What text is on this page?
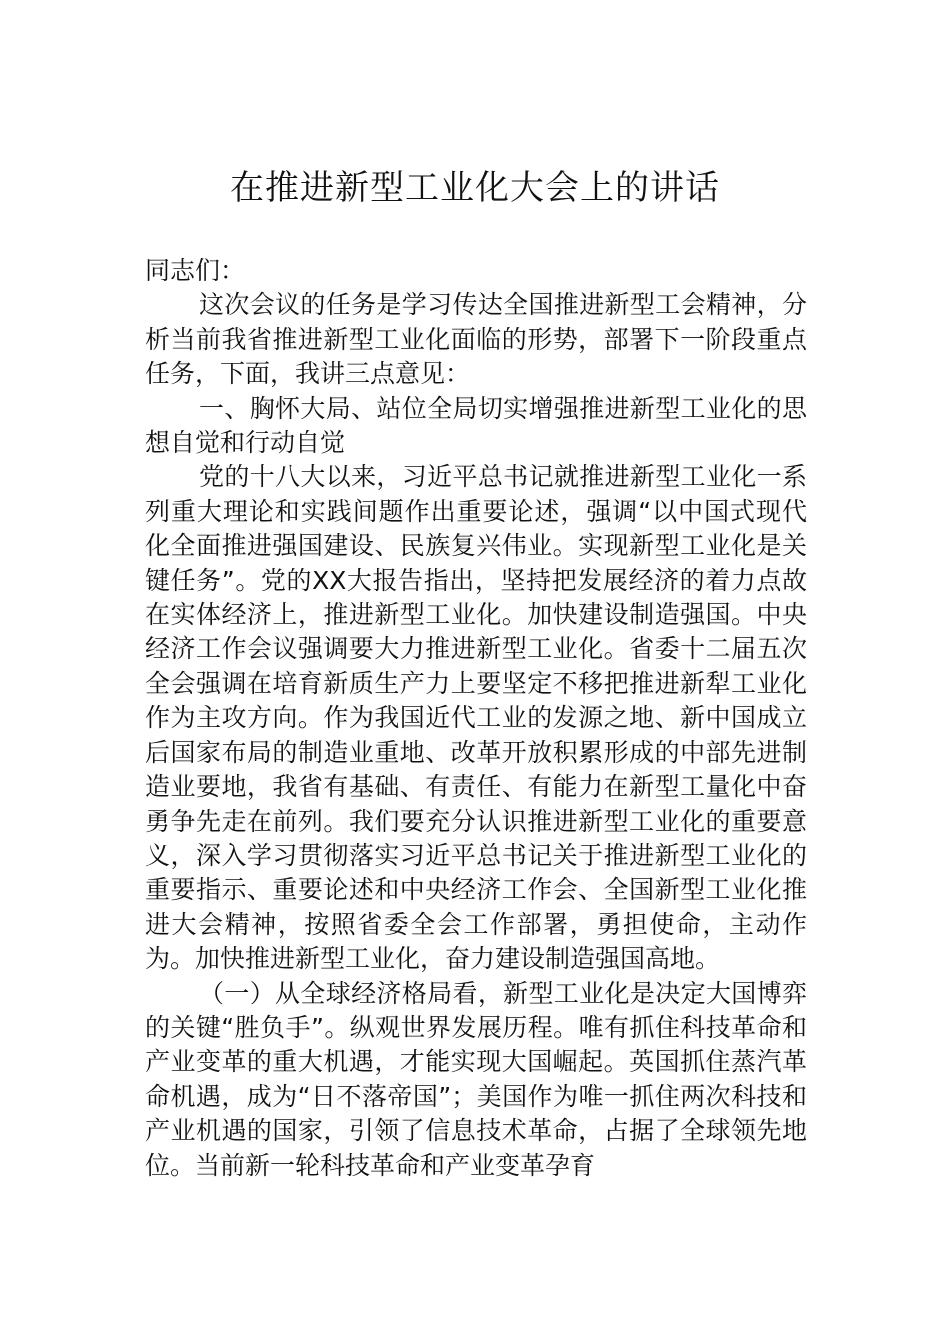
在推进新型工业化大会上的讲话

同志们：

这次会议的任务是学习传达全国推进新型工会精神，分析当前我省推进新型工业化面临的形势，部署下一阶段重点任务，下面，我讲三点意见：

一、胸怀大局、站位全局切实增强推进新型工业化的思想自觉和行动自觉

党的十八大以来，习近平总书记就推进新型工业化一系列重大理论和实践间题作出重要论述，强调“以中国式现代化全面推进强国建设、民族复兴伟业。实现新型工业化是关键任务”。党的XX大报告指出，坚持把发展经济的着力点故在实体经济上，推进新型工业化。加快建设制造强国。中央经济工作会议强调要大力推进新型工业化。省委十二届五次全会强调在培育新质生产力上要坚定不移把推进新犁工业化作为主攻方向。作为我国近代工业的发源之地、新中国成立后国家布局的制造业重地、改革开放积累形成的中部先进制造业要地，我省有基础、有责任、有能力在新型工量化中奋勇争先走在前列。我们要充分认识推进新型工业化的重要意义，深入学习贯彻落实习近平总书记关于推进新型工业化的重要指示、重要论述和中央经济工作会、全国新型工业化推进大会精神，按照省委全会工作部署，勇担使命，主动作为。加快推进新型工业化，奋力建设制造强国高地。

（一）从全球经济格局看，新型工业化是决定大国博弈的关键“胜负手”。纵观世界发展历程。唯有抓住科技革命和产业变革的重大机遇，才能实现大国崛起。英国抓住蒸汽革命机遇，成为“日不落帝国”；美国作为唯一抓住两次科技和产业机遇的国家，引领了信息技术革命，占据了全球领先地位。当前新一轮科技革命和产业变革孕育
